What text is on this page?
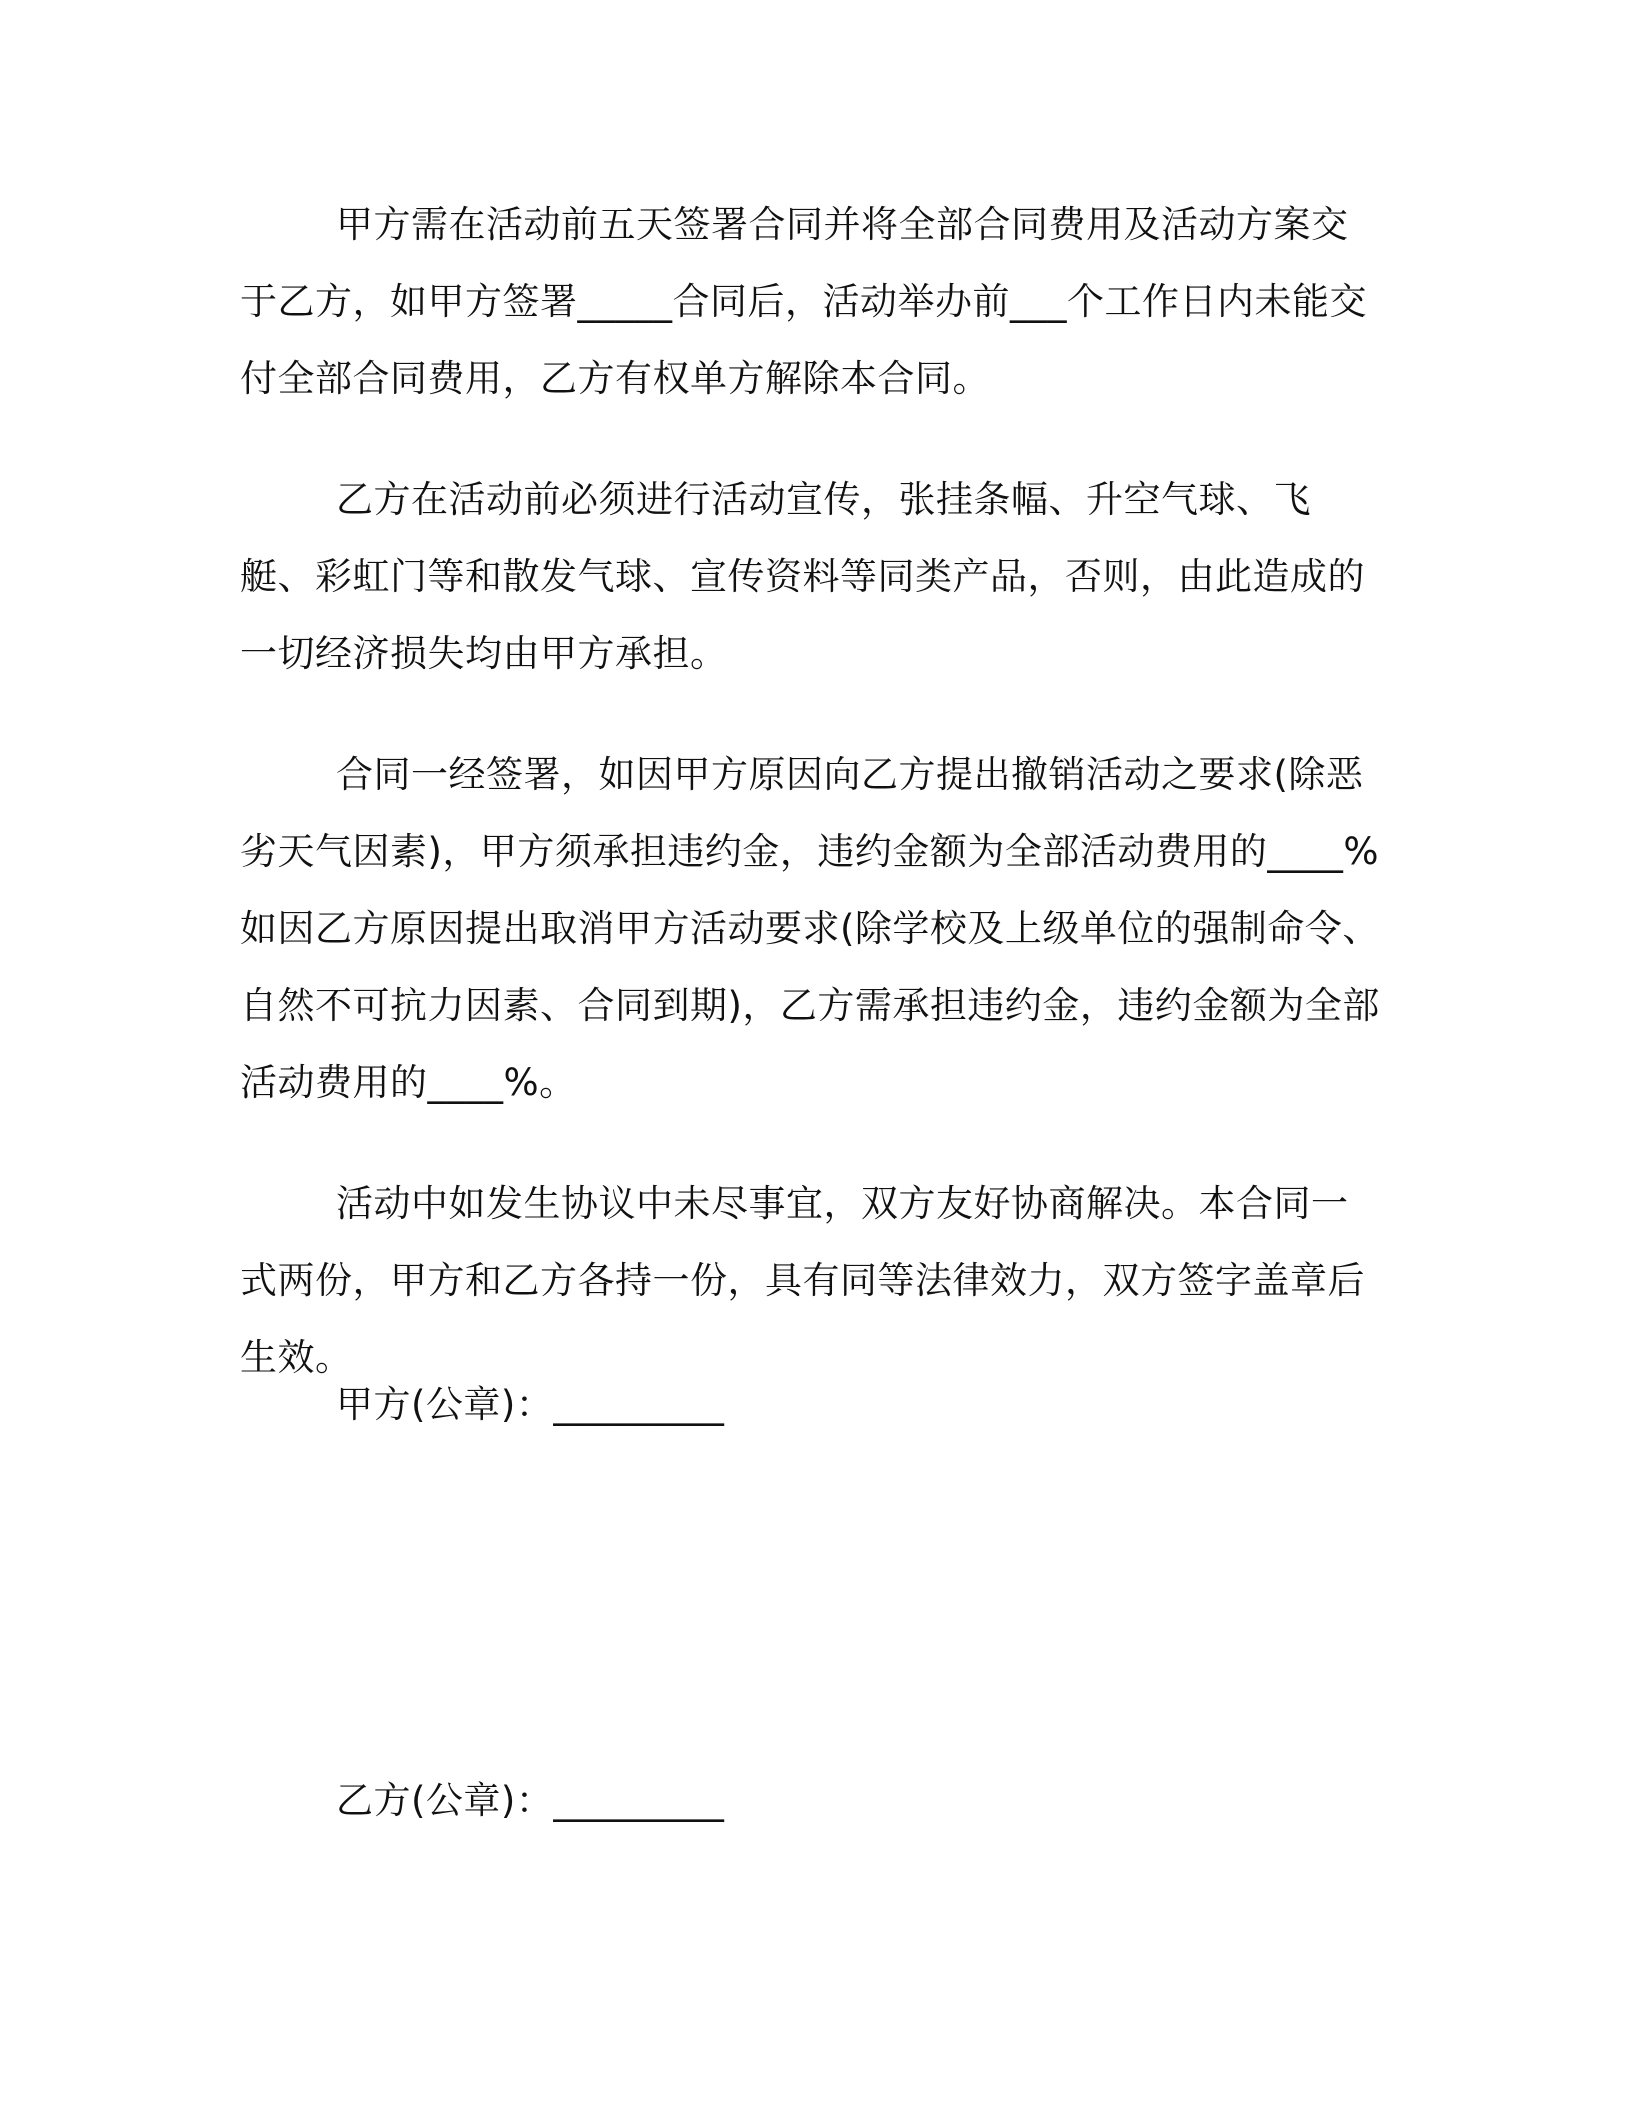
甲方需在活动前五天签署合同并将全部合同费用及活动方案交于乙方，如甲方签署_____合同后，活动举办前___个工作日内未能交付全部合同费用，乙方有权单方解除本合同。

乙方在活动前必须进行活动宣传，张挂条幅、升空气球、飞艇、彩虹门等和散发气球、宣传资料等同类产品，否则，由此造成的一切经济损失均由甲方承担。

合同一经签署，如因甲方原因向乙方提出撤销活动之要求(除恶劣天气因素)，甲方须承担违约金，违约金额为全部活动费用的____%如因乙方原因提出取消甲方活动要求(除学校及上级单位的强制命令、自然不可抗力因素、合同到期)，乙方需承担违约金，违约金额为全部活动费用的____%。

活动中如发生协议中未尽事宜，双方友好协商解决。本合同一式两份，甲方和乙方各持一份，具有同等法律效力，双方签字盖章后生效。

甲方(公章)：_________
乙方(公章)：_________
